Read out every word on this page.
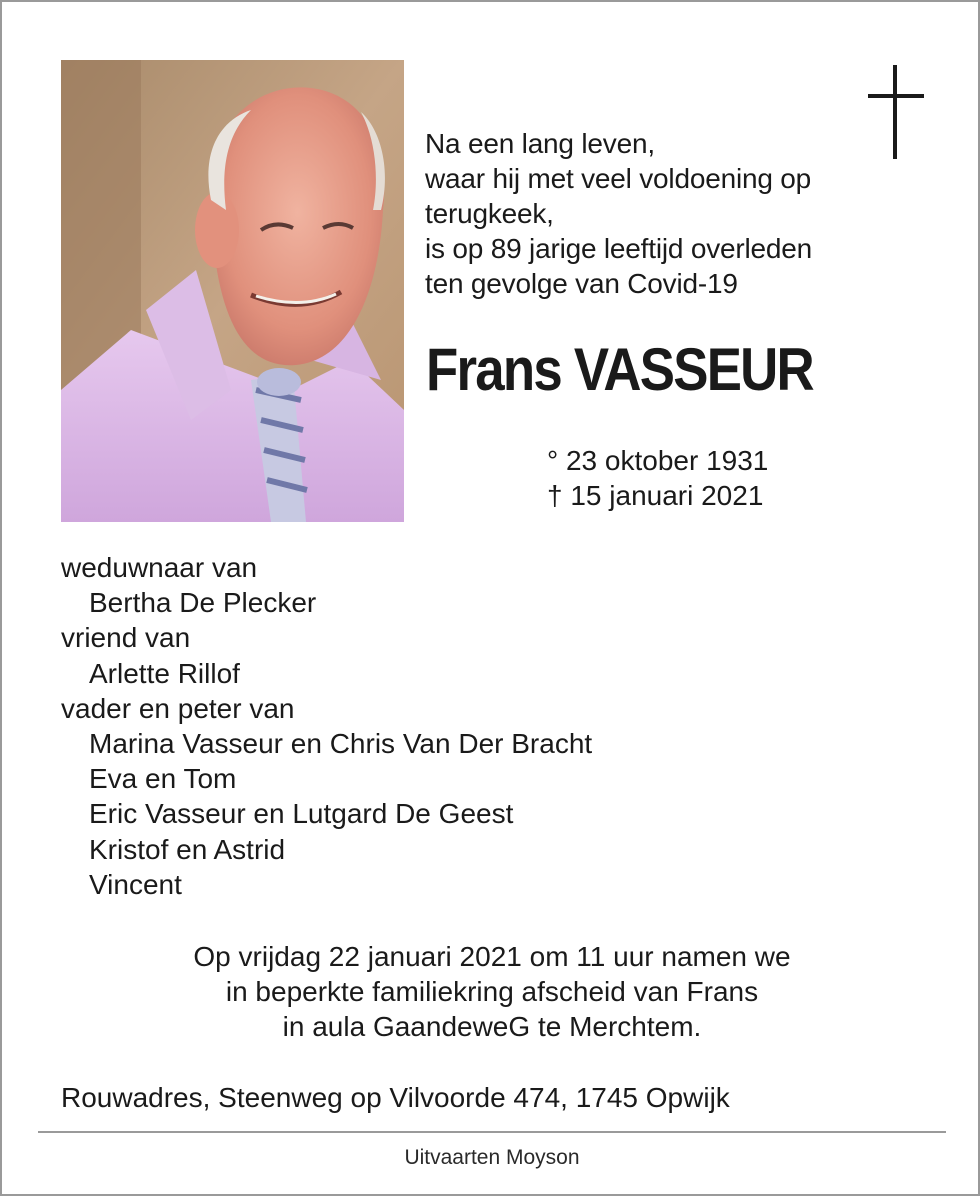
Na een lang leven,
waar hij met veel voldoening op
terugkeek,
is op 89 jarige leeftijd overleden
ten gevolge van Covid-19
Frans VASSEUR
° 23 oktober 1931
† 15 januari 2021
weduwnaar van
Bertha De Plecker
vriend van
Arlette Rillof
vader en peter van
Marina Vasseur en Chris Van Der Bracht
Eva en Tom
Eric Vasseur en Lutgard De Geest
Kristof en Astrid
Vincent
Op vrijdag 22 januari 2021 om 11 uur namen we
in beperkte familiekring afscheid van Frans
in aula GaandeweG te Merchtem.
Rouwadres, Steenweg op Vilvoorde 474, 1745 Opwijk
Uitvaarten Moyson
